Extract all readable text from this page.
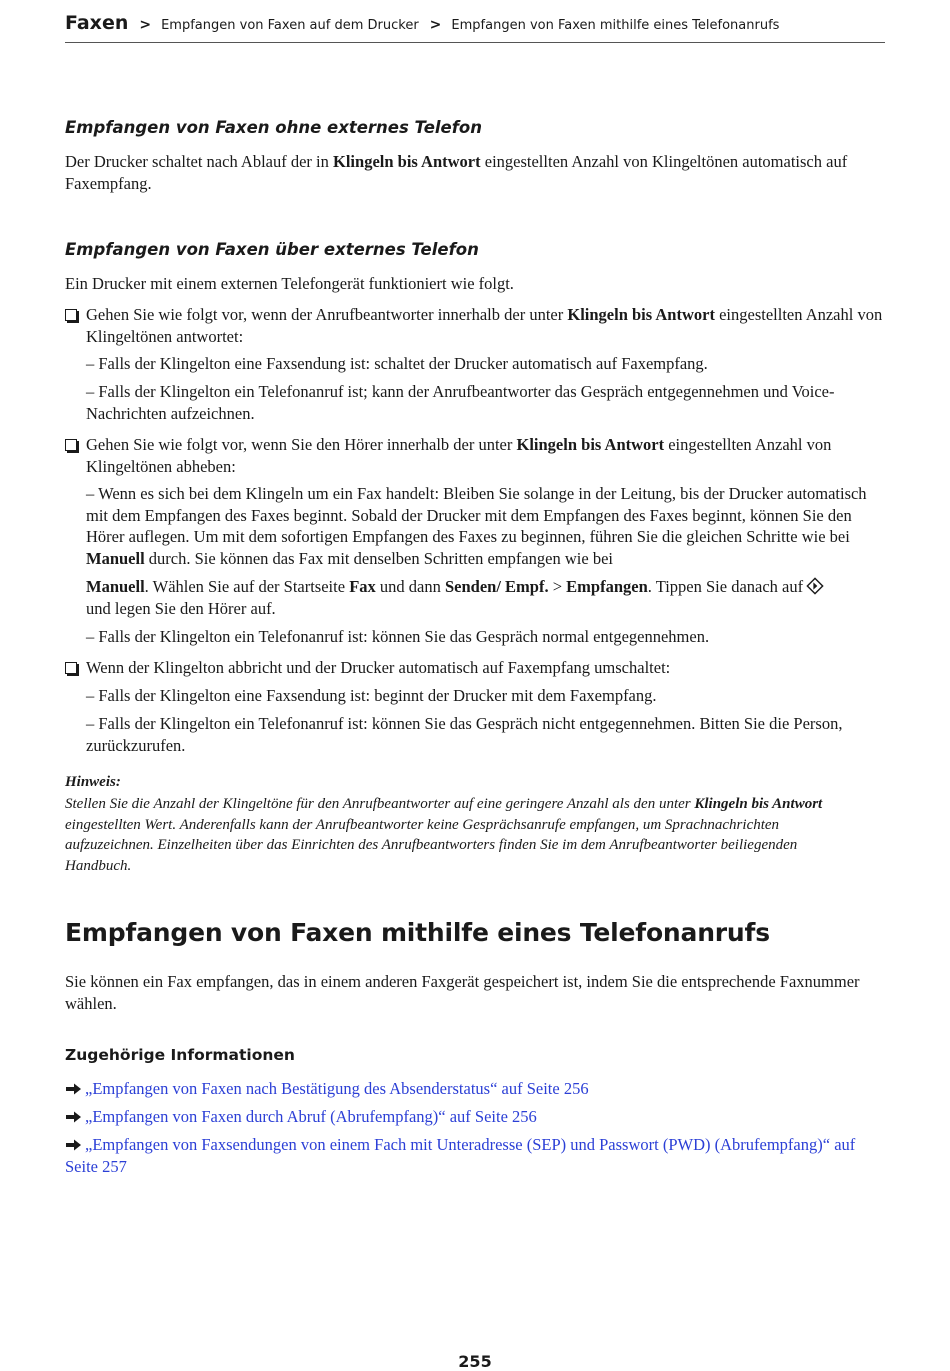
Faxen > Empfangen von Faxen auf dem Drucker > Empfangen von Faxen mithilfe eines Telefonanrufs
Empfangen von Faxen ohne externes Telefon

Der Drucker schaltet nach Ablauf der in Klingeln bis Antwort eingestellten Anzahl von Klingeltönen automatisch auf Faxempfang.

Empfangen von Faxen über externes Telefon

Ein Drucker mit einem externen Telefongerät funktioniert wie folgt.

Gehen Sie wie folgt vor, wenn der Anrufbeantworter innerhalb der unter Klingeln bis Antwort eingestellten Anzahl von Klingeltönen antwortet:

– Falls der Klingelton eine Faxsendung ist: schaltet der Drucker automatisch auf Faxempfang.

– Falls der Klingelton ein Telefonanruf ist; kann der Anrufbeantworter das Gespräch entgegennehmen und Voice-Nachrichten aufzeichnen.

Gehen Sie wie folgt vor, wenn Sie den Hörer innerhalb der unter Klingeln bis Antwort eingestellten Anzahl von Klingeltönen abheben:

– Wenn es sich bei dem Klingeln um ein Fax handelt: Bleiben Sie solange in der Leitung, bis der Drucker automatisch mit dem Empfangen des Faxes beginnt. Sobald der Drucker mit dem Empfangen des Faxes beginnt, können Sie den Hörer auflegen. Um mit dem sofortigen Empfangen des Faxes zu beginnen, führen Sie die gleichen Schritte wie bei Manuell durch. Sie können das Fax mit denselben Schritten empfangen wie bei

Manuell. Wählen Sie auf der Startseite Fax und dann Senden/ Empf. > Empfangen. Tippen Sie danach auf
und legen Sie den Hörer auf.

– Falls der Klingelton ein Telefonanruf ist: können Sie das Gespräch normal entgegennehmen.

Wenn der Klingelton abbricht und der Drucker automatisch auf Faxempfang umschaltet:

– Falls der Klingelton eine Faxsendung ist: beginnt der Drucker mit dem Faxempfang.

– Falls der Klingelton ein Telefonanruf ist: können Sie das Gespräch nicht entgegennehmen. Bitten Sie die Person, zurückzurufen.

Hinweis:

Stellen Sie die Anzahl der Klingeltöne für den Anrufbeantworter auf eine geringere Anzahl als den unter Klingeln bis Antwort eingestellten Wert. Anderenfalls kann der Anrufbeantworter keine Gesprächsanrufe empfangen, um Sprachnachrichten aufzuzeichnen. Einzelheiten über das Einrichten des Anrufbeantworters finden Sie im dem Anrufbeantworter beiliegenden Handbuch.

Empfangen von Faxen mithilfe eines Telefonanrufs

Sie können ein Fax empfangen, das in einem anderen Faxgerät gespeichert ist, indem Sie die entsprechende Faxnummer wählen.

Zugehörige Informationen
„Empfangen von Faxen nach Bestätigung des Absenderstatus“ auf Seite 256
„Empfangen von Faxen durch Abruf (Abrufempfang)“ auf Seite 256
„Empfangen von Faxsendungen von einem Fach mit Unteradresse (SEP) und Passwort (PWD) (Abrufempfang)“ auf Seite 257
255
